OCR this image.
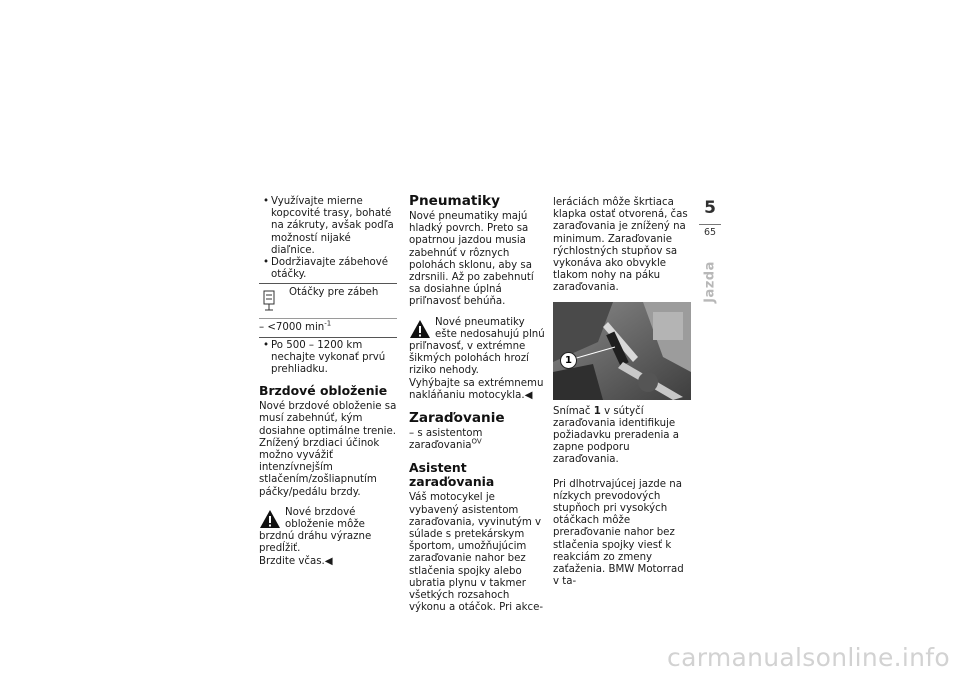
• Využívajte mierne kopcovité trasy, bohaté na zákruty, avšak podľa možností nijaké diaľnice.

• Dodržiavajte zábehové otáčky.

Otáčky pre zábeh
– <7000 $\min^{-1}$

• Po 500 – 1200 km nechajte vykonať prvú prehliadku.

Brzdové obloženie

Nové brzdové obloženie sa musí zabehnúť, kým dosiahne optimálne trenie. Znížený brzdiaci účinok možno vyvážiť intenzívnejším stlačením/zošliapnutím páčky/pedálu brzdy.

Nové brzdové obloženie môže brzdnú dráhu výrazne predĺžiť.

Brzdite včas.◀

Pneumatiky

Nové pneumatiky majú hladký povrch. Preto sa opatrnou jazdou musia zabehnúť v rôznych polohách sklonu, aby sa zdrsnili. Až po zabehnutí sa dosiahne úplná priľnavosť behúňa.

Nové pneumatiky ešte nedosahujú plnú priľnavosť, v extrémne šikmých polohách hrozí riziko nehody.

Vyhýbajte sa extrémnemu nakláňaniu motocykla.◀

Zaraďovanie

– s asistentom zaraďovania$^{OV}$

Asistent zaraďovania

Váš motocykel je vybavený asistentom zaraďovania, vyvinutým v súlade s pretekárskym športom, umožňujúcim zaraďovanie nahor bez stlačenia spojky alebo ubratia plynu v takmer všetkých rozsahoch výkonu a otáčok. Pri akce-

leráciách môže škrtiaca klapka ostať otvorená, čas zaraďovania je znížený na minimum. Zaraďovanie rýchlostných stupňov sa vykonáva ako obvykle tlakom nohy na páku zaraďovania.

1

Snímač 1 v sútyčí zaraďovania identifikuje požiadavku preradenia a zapne podporu zaraďovania.

Pri dlhotrvajúcej jazde na nízkych prevodových stupňoch pri vysokých otáčkach môže preraďovanie nahor bez stlačenia spojky viesť k reakciám zo zmeny zaťaženia. BMW Motorrad v ta-

5
65
Jazda
carmanualsonline.info
